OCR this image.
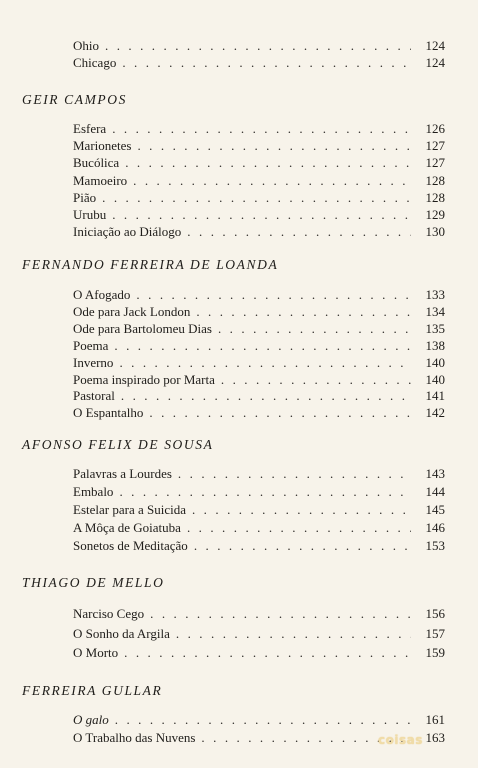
Ohio . . .	124
Chicago . . .	124
GEIR CAMPOS
Esfera . . .	126
Marionetes . . .	127
Bucólica . . .	127
Mamoeiro . . .	128
Pião . . .	128
Urubu . . .	129
Iniciação ao Diálogo . . .	130
FERNANDO FERREIRA DE LOANDA
O Afogado . . .	133
Ode para Jack London . . .	134
Ode para Bartolomeu Dias . . .	135
Poema . . .	138
Inverno . . .	140
Poema inspirado por Marta . . .	140
Pastoral . . .	141
O Espantalho . . .	142
AFONSO FELIX DE SOUSA
Palavras a Lourdes . . .	143
Embalo . . .	144
Estelar para a Suicida . . .	145
A Môça de Goiatuba . . .	146
Sonetos de Meditação . . .	153
THIAGO DE MELLO
Narciso Cego . . .	156
O Sonho da Argila . . .	157
O Morto . . .	159
FERREIRA GULLAR
O galo . . .	161
O Trabalho das Nuvens . . .	163
coisas
